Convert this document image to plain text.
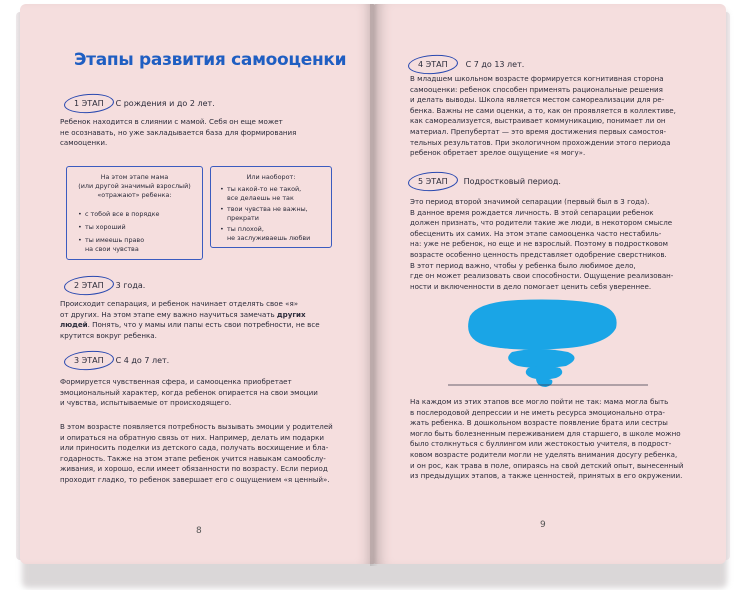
Этапы развития самооценки
1 ЭТАП	С рождения и до 2 лет.
Ребенок находится в слиянии с мамой. Себя он еще может
не осознавать, но уже закладывается база для формирования
самооценки.
На этом этапе мама
(или другой значимый взрослый)
«отражают» ребенка:
• с тобой все в порядке
• ты хороший
• ты имеешь право
на свои чувства
Или наоборот:
• ты какой-то не такой,
все делаешь не так
• твои чувства не важны,
прекрати
• ты плохой,
не заслуживаешь любви
2 ЭТАП	3 года.
Происходит сепарация, и ребенок начинает отделять свое «я»
от других. На этом этапе ему важно научиться замечать других
людей. Понять, что у мамы или папы есть свои потребности, не все
крутится вокруг ребенка.
3 ЭТАП	С 4 до 7 лет.
Формируется чувственная сфера, и самооценка приобретает
эмоциональный характер, когда ребенок опирается на свои эмоции
и чувства, испытываемые от происходящего.
В этом возрасте появляется потребность вызывать эмоции у родителей
и опираться на обратную связь от них. Например, делать им подарки
или приносить поделки из детского сада, получать восхищение и бла-
годарность. Также на этом этапе ребенок учится навыкам самообслу-
живания, и хорошо, если имеет обязанности по возрасту. Если период
проходит гладко, то ребенок завершает его с ощущением «я ценный».
8
4 ЭТАП	С 7 до 13 лет.
В младшем школьном возрасте формируется когнитивная сторона
самооценки: ребенок способен применять рациональные решения
и делать выводы. Школа является местом самореализации для ре-
бенка. Важны не сами оценки, а то, как он проявляется в коллективе,
как самореализуется, выстраивает коммуникацию, понимает ли он
материал. Препубертат — это время достижения первых самостоя-
тельных результатов. При экологичном прохождении этого периода
ребенок обретает зрелое ощущение «я могу».
5 ЭТАП	Подростковый период.
Это период второй значимой сепарации (первый был в 3 года).
В данное время рождается личность. В этой сепарации ребенок
должен признать, что родители такие же люди, в некотором смысле
обесценить их самих. На этом этапе самооценка часто нестабиль-
на: уже не ребенок, но еще и не взрослый. Поэтому в подростковом
возрасте особенно ценность представляет одобрение сверстников.
В этот период важно, чтобы у ребенка было любимое дело,
где он может реализовать свои способности. Ощущение реализован-
ности и включенности в дело помогает ценить себя увереннее.
На каждом из этих этапов все могло пойти не так: мама могла быть
в послеродовой депрессии и не иметь ресурса эмоционально отра-
жать ребенка. В дошкольном возрасте появление брата или сестры
могло быть болезненным переживанием для старшего, в школе можно
было столкнуться с буллингом или жестокостью учителя, в подрост-
ковом возрасте родители могли не уделять внимания досугу ребенка,
и он рос, как трава в поле, опираясь на свой детский опыт, вынесенный
из предыдущих этапов, а также ценностей, принятых в его окружении.
9
